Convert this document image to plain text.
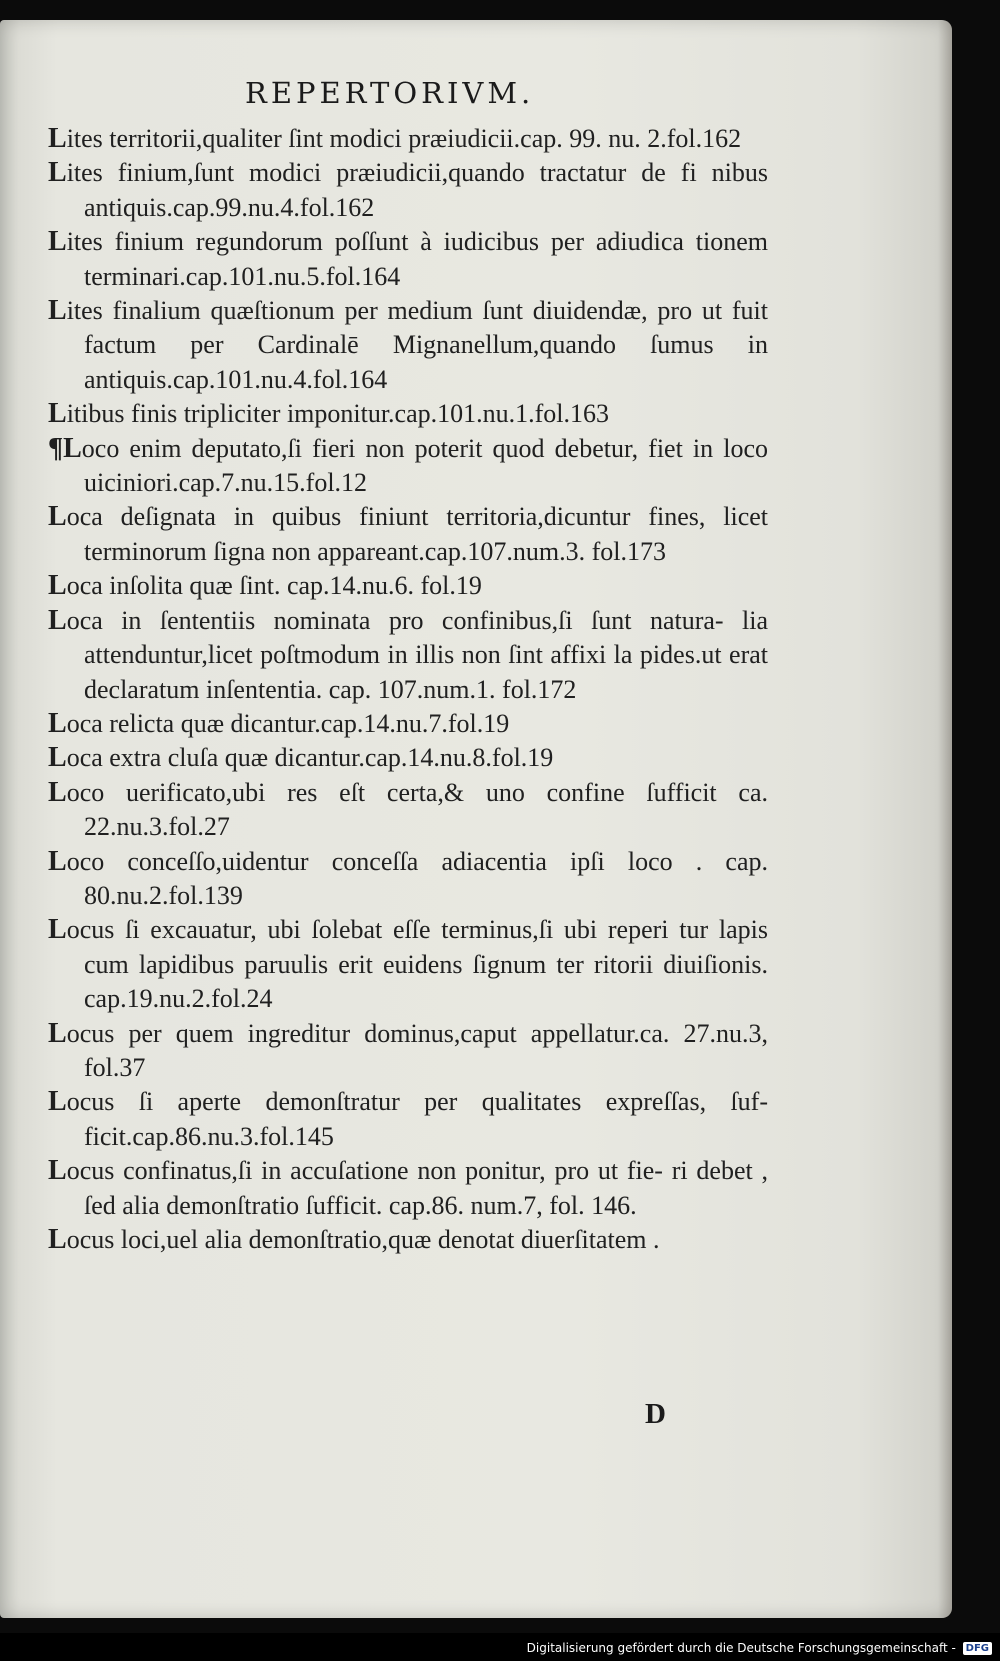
REPERTORIVM.
Lites territorii,qualiter ſint modici præiudicii.cap. 99. nu. 2.fol.162
Lites finium,ſunt modici præiudicii,quando tractatur de fi nibus antiquis.cap.99.nu.4.fol.162
Lites finium regundorum poſſunt à iudicibus per adiudica tionem terminari.cap.101.nu.5.fol.164
Lites finalium quæſtionum per medium ſunt diuidendæ, pro ut fuit factum per Cardinalē Mignanellum,quando ſumus in antiquis.cap.101.nu.4.fol.164
Litibus finis tripliciter imponitur.cap.101.nu.1.fol.163
¶Loco enim deputato,ſi fieri non poterit quod debetur, fiet in loco uiciniori.cap.7.nu.15.fol.12
Loca deſignata in quibus finiunt territoria,dicuntur fines, licet terminorum ſigna non appareant.cap.107.num.3. fol.173
Loca inſolita quæ ſint. cap.14.nu.6. fol.19
Loca in ſententiis nominata pro confinibus,ſi ſunt natura- lia attenduntur,licet poſtmodum in illis non ſint affixi la pides.ut erat declaratum inſententia. cap. 107.num.1. fol.172
Loca relicta quæ dicantur.cap.14.nu.7.fol.19
Loca extra cluſa quæ dicantur.cap.14.nu.8.fol.19
Loco uerificato,ubi res eſt certa,& uno confine ſufficit ca. 22.nu.3.fol.27
Loco conceſſo,uidentur conceſſa adiacentia ipſi loco . cap. 80.nu.2.fol.139
Locus ſi excauatur, ubi ſolebat eſſe terminus,ſi ubi reperi tur lapis cum lapidibus paruulis erit euidens ſignum ter ritorii diuiſionis. cap.19.nu.2.fol.24
Locus per quem ingreditur dominus,caput appellatur.ca. 27.nu.3, fol.37
Locus ſi aperte demonſtratur per qualitates expreſſas, ſuf- ficit.cap.86.nu.3.fol.145
Locus confinatus,ſi in accuſatione non ponitur, pro ut fie- ri debet , ſed alia demonſtratio ſufficit. cap.86. num.7, fol. 146.
Locus loci,uel alia demonſtratio,quæ denotat diuerſitatem .
D
Digitalisierung gefördert durch die Deutsche Forschungsgemeinschaft - DFG
